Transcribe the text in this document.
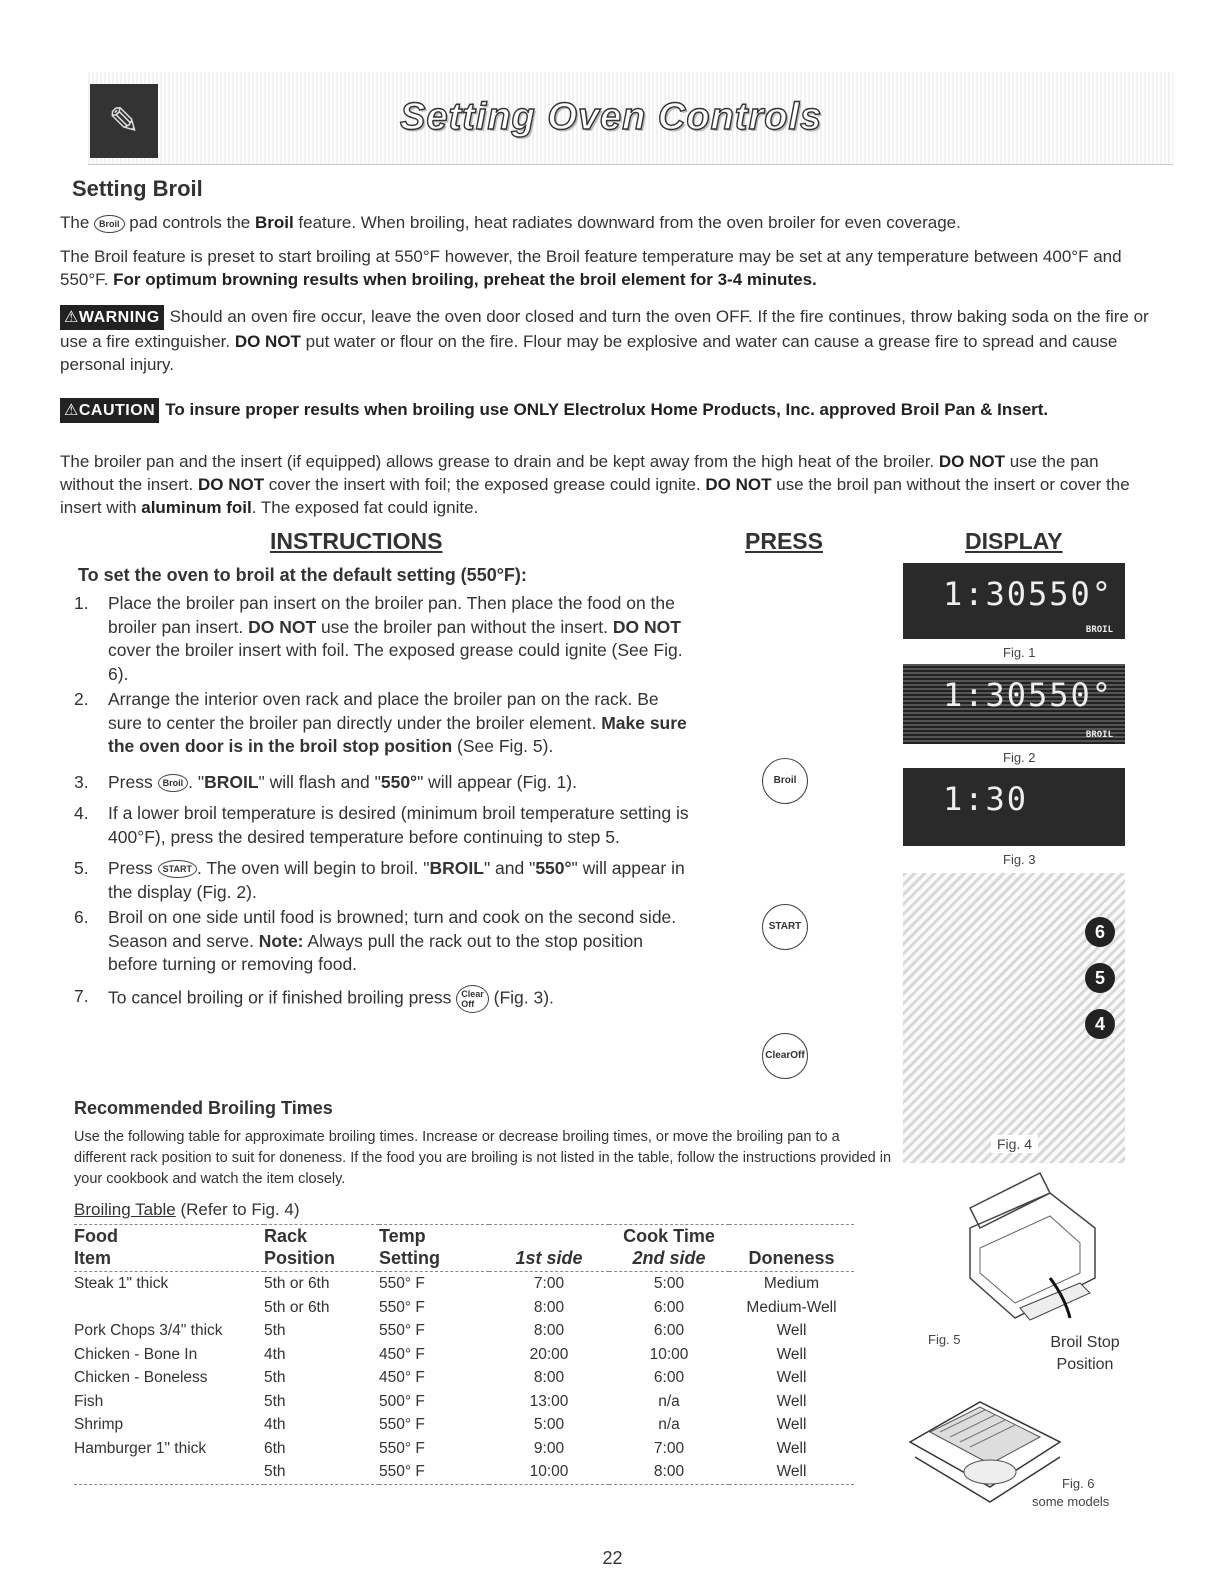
✎	Setting Oven Controls
Setting Broil
The Broil pad controls the Broil feature. When broiling, heat radiates downward from the oven broiler for even coverage.
The Broil feature is preset to start broiling at 550°F however, the Broil feature temperature may be set at any temperature between 400°F and 550°F. For optimum browning results when broiling, preheat the broil element for 3-4 minutes.
⚠WARNING Should an oven fire occur, leave the oven door closed and turn the oven OFF. If the fire continues, throw baking soda on the fire or use a fire extinguisher. DO NOT put water or flour on the fire. Flour may be explosive and water can cause a grease fire to spread and cause personal injury.
⚠CAUTION To insure proper results when broiling use ONLY Electrolux Home Products, Inc. approved Broil Pan & Insert.
The broiler pan and the insert (if equipped) allows grease to drain and be kept away from the high heat of the broiler. DO NOT use the pan without the insert. DO NOT cover the insert with foil; the exposed grease could ignite. DO NOT use the broil pan without the insert or cover the insert with aluminum foil. The exposed fat could ignite.
INSTRUCTIONS	PRESS	DISPLAY
To set the oven to broil at the default setting (550°F):
1.	Place the broiler pan insert on the broiler pan. Then place the food on the broiler pan insert. DO NOT use the broiler pan without the insert. DO NOT cover the broiler insert with foil. The exposed grease could ignite (See Fig. 6).
2.	Arrange the interior oven rack and place the broiler pan on the rack. Be sure to center the broiler pan directly under the broiler element. Make sure the oven door is in the broil stop position (See Fig. 5).
3.	Press Broil . "BROIL" will flash and "550°" will appear (Fig. 1).
4.	If a lower broil temperature is desired (minimum broil temperature setting is 400°F), press the desired temperature before continuing to step 5.
5.	Press START . The oven will begin to broil. "BROIL" and "550°" will appear in the display (Fig. 2).
6.	Broil on one side until food is browned; turn and cook on the second side. Season and serve. Note: Always pull the rack out to the stop position before turning or removing food.
7.	To cancel broiling or if finished broiling press Clear
Off (Fig. 3).
Broil
START
Clear Off
1:30 550°
BROIL
Fig. 1
1:30 550°
BROIL
Fig. 2
1:30
Fig. 3
6
5
4
Fig. 4
Fig. 5	Broil Stop Position
Fig. 6
some models
Recommended Broiling Times
Use the following table for approximate broiling times. Increase or decrease broiling times, or move the broiling pan to a different rack position to suit for doneness. If the food you are broiling is not listed in the table, follow the instructions provided in your cookbook and watch the item closely.
Broiling Table (Refer to Fig. 4)
Food	Rack	Temp		Cook Time	
Item	Position	Setting	1st side	2nd side	Doneness
Steak 1" thick	5th or 6th	550° F	7:00	5:00	Medium
	5th or 6th	550° F	8:00	6:00	Medium-Well
Pork Chops 3/4" thick	5th	550° F	8:00	6:00	Well
Chicken - Bone In	4th	450° F	20:00	10:00	Well
Chicken - Boneless	5th	450° F	8:00	6:00	Well
Fish	5th	500° F	13:00	n/a	Well
Shrimp	4th	550° F	5:00	n/a	Well
Hamburger 1" thick	6th	550° F	9:00	7:00	Well
	5th	550° F	10:00	8:00	Well
22
